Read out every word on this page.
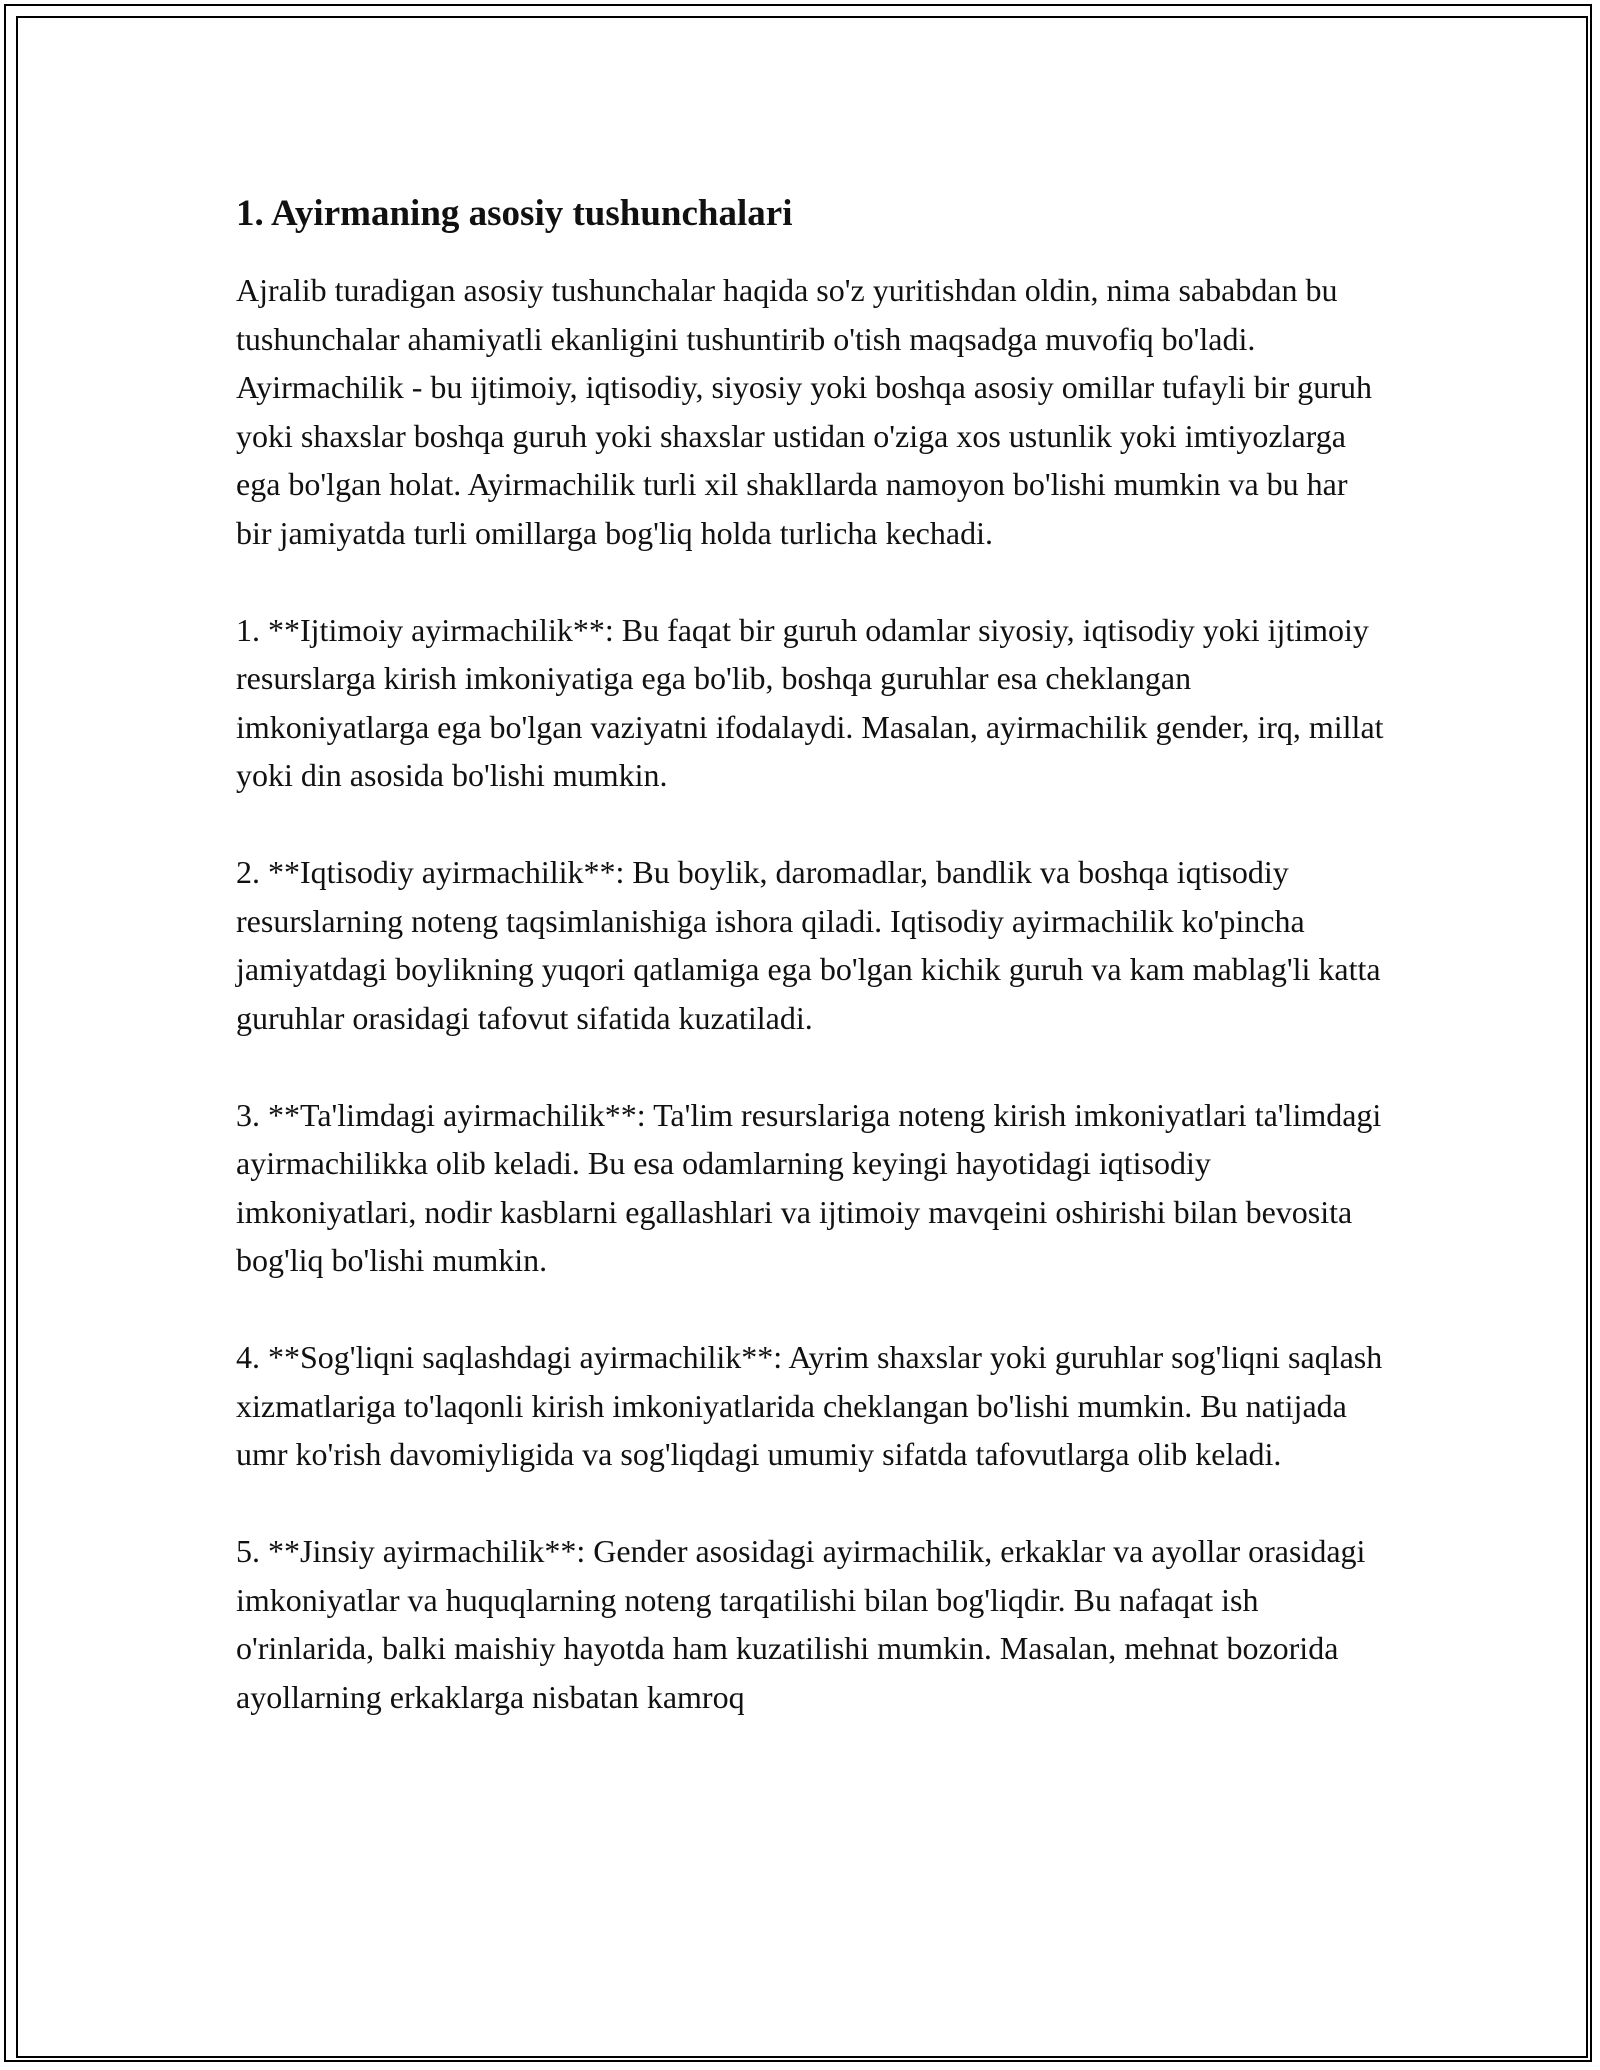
1. Ayirmaning asosiy tushunchalari

Ajralib turadigan asosiy tushunchalar haqida so'z yuritishdan oldin, nima sababdan bu tushunchalar ahamiyatli ekanligini tushuntirib o'tish maqsadga muvofiq bo'ladi. Ayirmachilik - bu ijtimoiy, iqtisodiy, siyosiy yoki boshqa asosiy omillar tufayli bir guruh yoki shaxslar boshqa guruh yoki shaxslar ustidan o'ziga xos ustunlik yoki imtiyozlarga ega bo'lgan holat. Ayirmachilik turli xil shakllarda namoyon bo'lishi mumkin va bu har bir jamiyatda turli omillarga bog'liq holda turlicha kechadi.

1. **Ijtimoiy ayirmachilik**: Bu faqat bir guruh odamlar siyosiy, iqtisodiy yoki ijtimoiy resurslarga kirish imkoniyatiga ega bo'lib, boshqa guruhlar esa cheklangan imkoniyatlarga ega bo'lgan vaziyatni ifodalaydi. Masalan, ayirmachilik gender, irq, millat yoki din asosida bo'lishi mumkin.

2. **Iqtisodiy ayirmachilik**: Bu boylik, daromadlar, bandlik va boshqa iqtisodiy resurslarning noteng taqsimlanishiga ishora qiladi. Iqtisodiy ayirmachilik ko'pincha jamiyatdagi boylikning yuqori qatlamiga ega bo'lgan kichik guruh va kam mablag'li katta guruhlar orasidagi tafovut sifatida kuzatiladi.

3. **Ta'limdagi ayirmachilik**: Ta'lim resurslariga noteng kirish imkoniyatlari ta'limdagi ayirmachilikka olib keladi. Bu esa odamlarning keyingi hayotidagi iqtisodiy imkoniyatlari, nodir kasblarni egallashlari va ijtimoiy mavqeini oshirishi bilan bevosita bog'liq bo'lishi mumkin.

4. **Sog'liqni saqlashdagi ayirmachilik**: Ayrim shaxslar yoki guruhlar sog'liqni saqlash xizmatlariga to'laqonli kirish imkoniyatlarida cheklangan bo'lishi mumkin. Bu natijada umr ko'rish davomiyligida va sog'liqdagi umumiy sifatda tafovutlarga olib keladi.

5. **Jinsiy ayirmachilik**: Gender asosidagi ayirmachilik, erkaklar va ayollar orasidagi imkoniyatlar va huquqlarning noteng tarqatilishi bilan bog'liqdir. Bu nafaqat ish o'rinlarida, balki maishiy hayotda ham kuzatilishi mumkin. Masalan, mehnat bozorida ayollarning erkaklarga nisbatan kamroq
